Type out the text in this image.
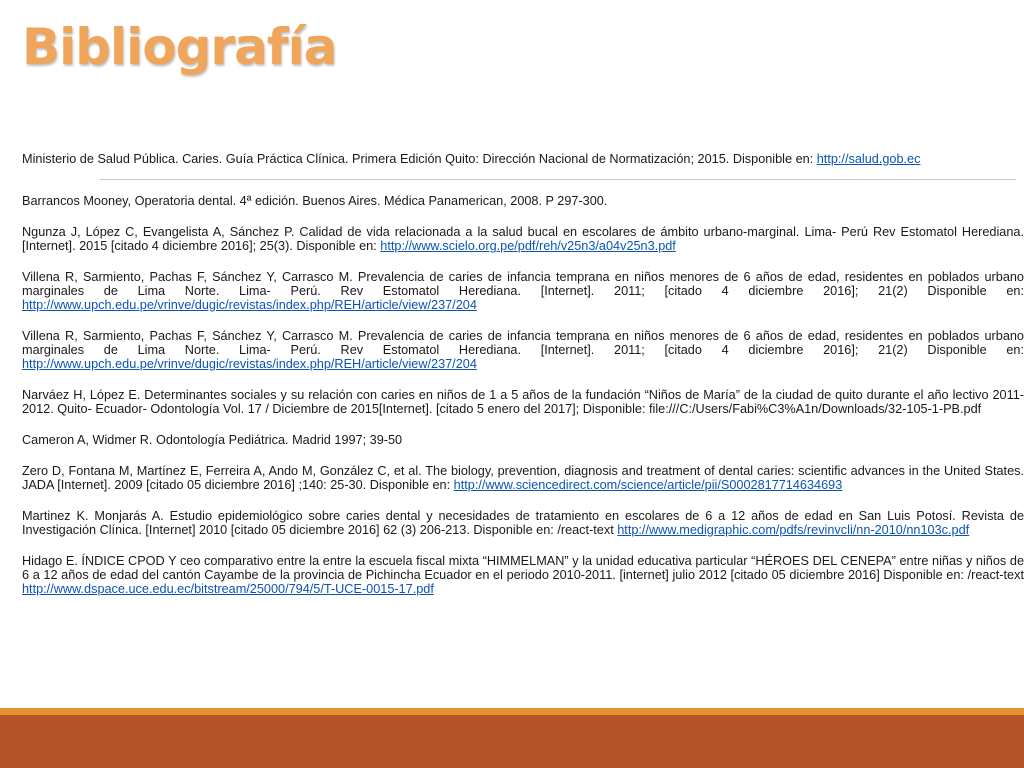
Bibliografía

Ministerio de Salud Pública. Caries. Guía Práctica Clínica. Primera Edición Quito: Dirección Nacional de Normatización; 2015. Disponible en: http://salud.gob.ec

Barrancos Mooney, Operatoria dental. 4ª edición. Buenos Aires. Médica Panamerican, 2008. P 297-300.

Ngunza J, López C, Evangelista A, Sánchez P. Calidad de vida relacionada a la salud bucal en escolares de ámbito urbano-marginal. Lima- Perú Rev Estomatol Herediana. [Internet]. 2015 [citado 4 diciembre 2016]; 25(3). Disponible en: http://www.scielo.org.pe/pdf/reh/v25n3/a04v25n3.pdf

Villena R, Sarmiento, Pachas F, Sánchez Y, Carrasco M. Prevalencia de caries de infancia temprana en niños menores de 6 años de edad, residentes en poblados urbano marginales de Lima Norte. Lima- Perú. Rev Estomatol Herediana. [Internet]. 2011; [citado 4 diciembre 2016]; 21(2) Disponible en: http://www.upch.edu.pe/vrinve/dugic/revistas/index.php/REH/article/view/237/204

Villena R, Sarmiento, Pachas F, Sánchez Y, Carrasco M. Prevalencia de caries de infancia temprana en niños menores de 6 años de edad, residentes en poblados urbano marginales de Lima Norte. Lima- Perú. Rev Estomatol Herediana. [Internet]. 2011; [citado 4 diciembre 2016]; 21(2) Disponible en: http://www.upch.edu.pe/vrinve/dugic/revistas/index.php/REH/article/view/237/204

Narváez H, López E. Determinantes sociales y su relación con caries en niños de 1 a 5 años de la fundación “Niños de María” de la ciudad de quito durante el año lectivo 2011-2012. Quito- Ecuador- Odontología Vol. 17 / Diciembre de 2015[Internet]. [citado 5 enero del 2017]; Disponible: file:///C:/Users/Fabi%C3%A1n/Downloads/32-105-1-PB.pdf

Cameron A, Widmer R. Odontología Pediátrica. Madrid 1997; 39-50

Zero D, Fontana M, Martínez E, Ferreira A, Ando M, González C, et al. The biology, prevention, diagnosis and treatment of dental caries: scientific advances in the United States. JADA [Internet]. 2009 [citado 05 diciembre 2016] ;140: 25-30. Disponible en: http://www.sciencedirect.com/science/article/pii/S0002817714634693

Martinez K. Monjarás A. Estudio epidemiológico sobre caries dental y necesidades de tratamiento en escolares de 6 a 12 años de edad en San Luis Potosí. Revista de Investigación Clínica. [Internet] 2010 [citado 05 diciembre 2016] 62 (3) 206-213. Disponible en: /react-text http://www.medigraphic.com/pdfs/revinvcli/nn-2010/nn103c.pdf

Hidago E. ÍNDICE CPOD Y ceo comparativo entre la entre la escuela fiscal mixta “HIMMELMAN” y la unidad educativa particular “HÉROES DEL CENEPA” entre niñas y niños de 6 a 12 años de edad del cantón Cayambe de la provincia de Pichincha Ecuador en el periodo 2010-2011. [internet] julio 2012 [citado 05 diciembre 2016] Disponible en: /react-text http://www.dspace.uce.edu.ec/bitstream/25000/794/5/T-UCE-0015-17.pdf
